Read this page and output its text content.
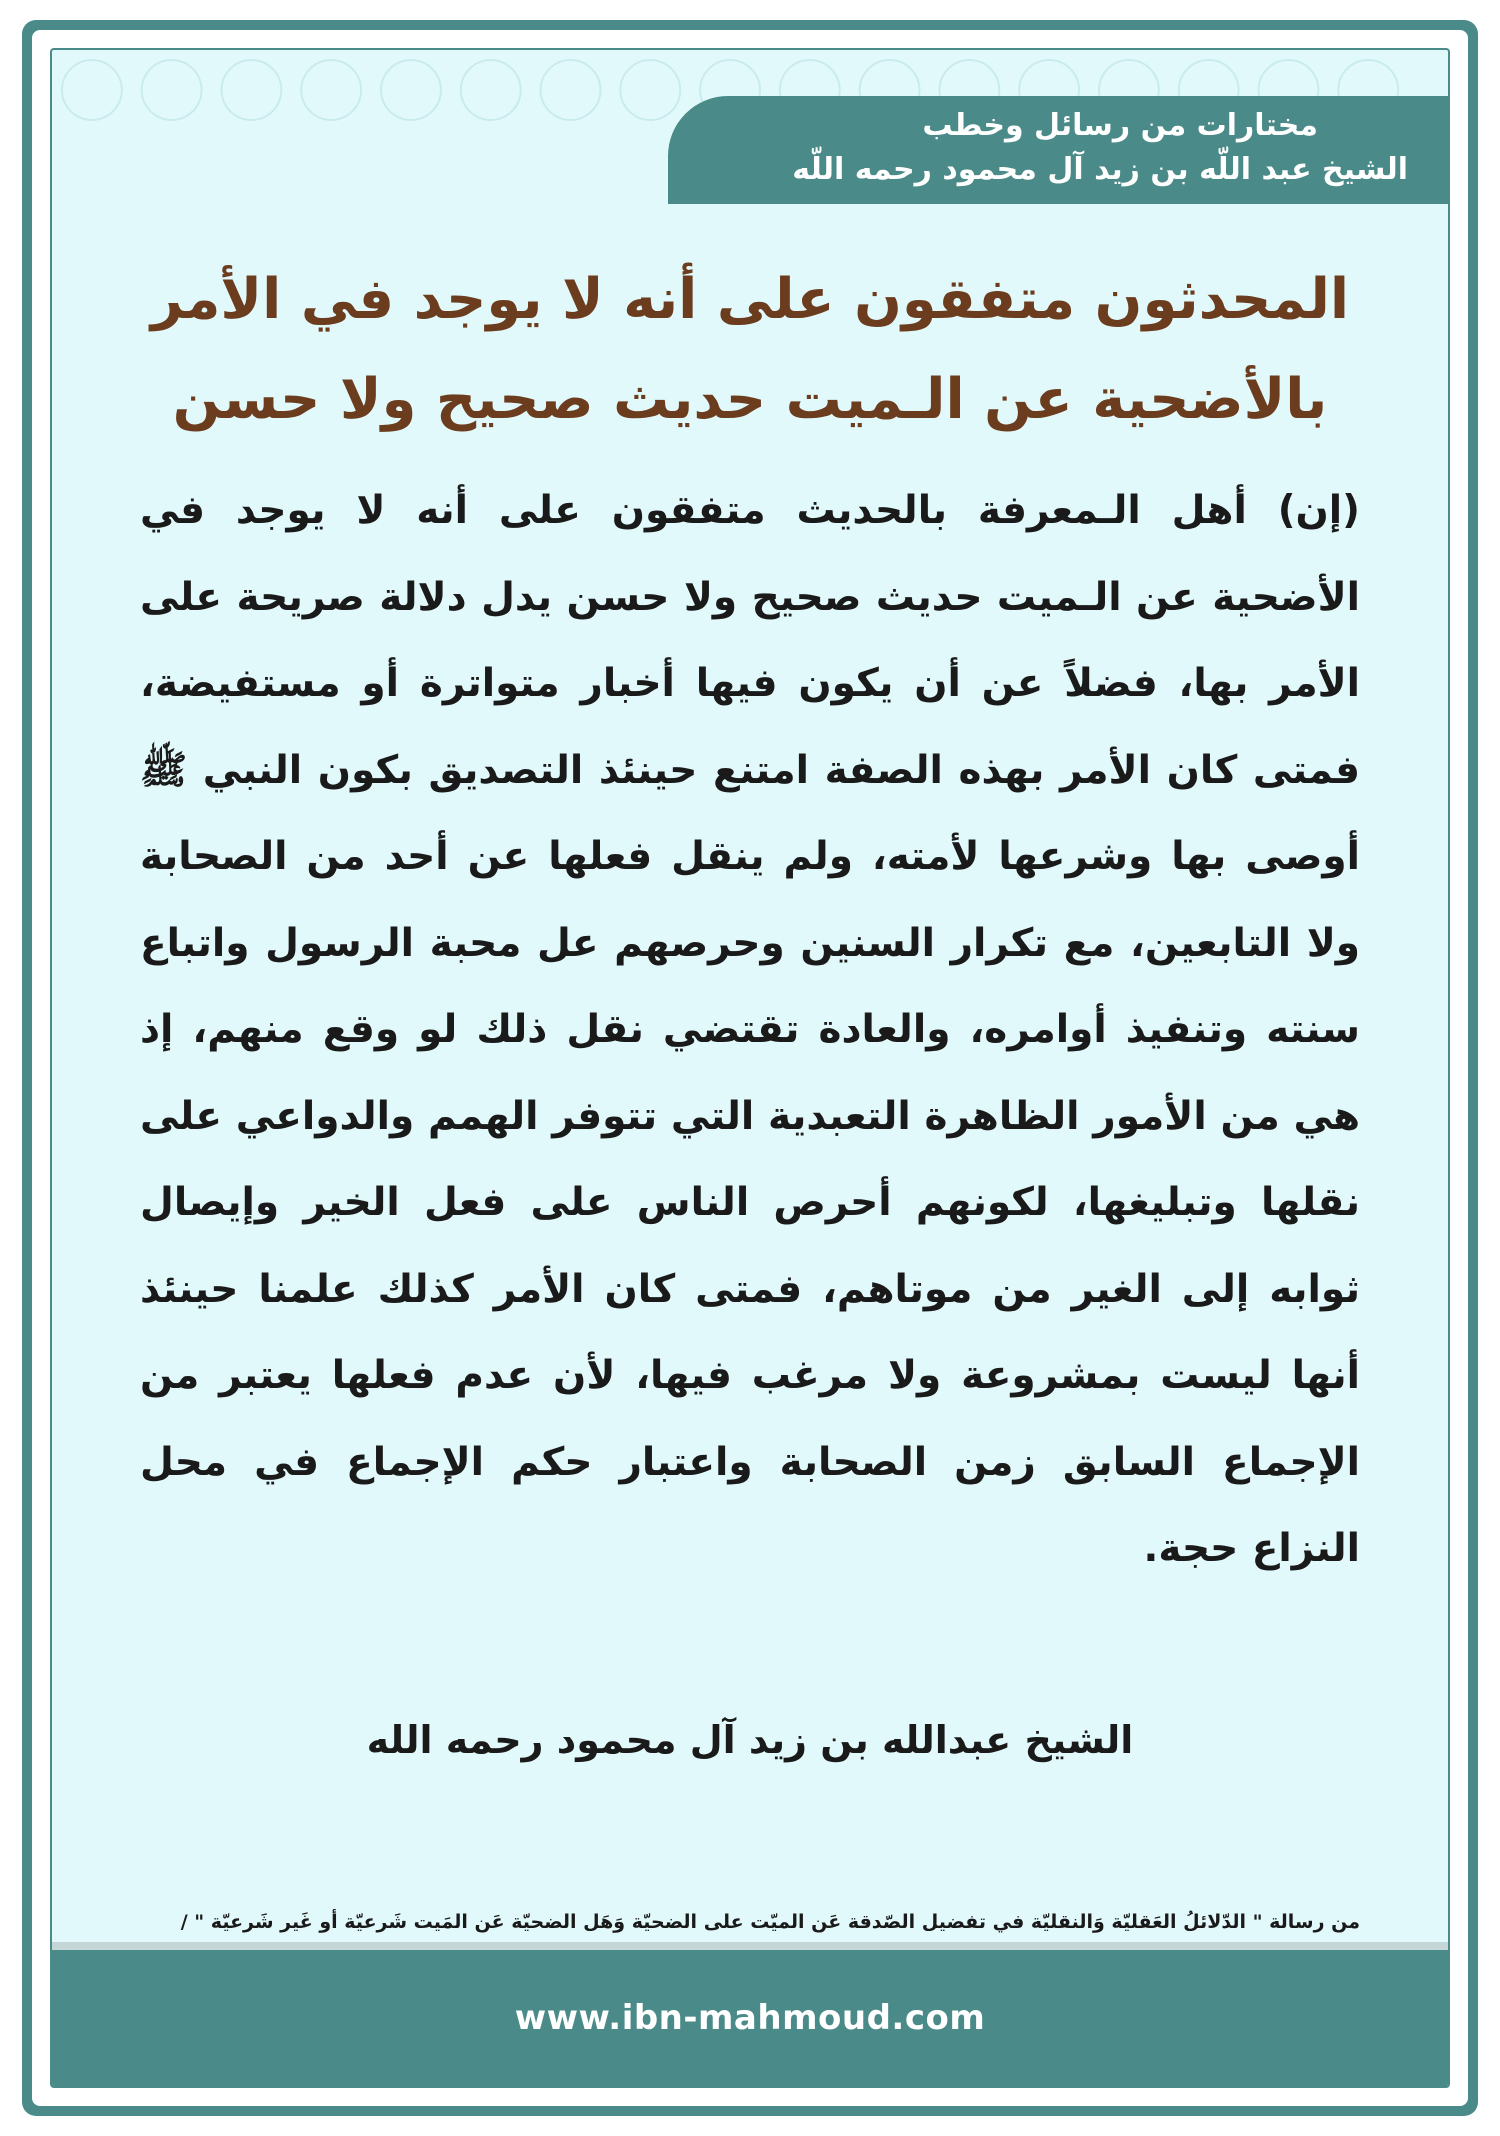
مختارات من رسائل وخطب
الشيخ عبد اللّه بن زيد آل محمود رحمه اللّه
المحدثون متفقون على أنه لا يوجد في الأمر
بالأضحية عن الـميت حديث صحيح ولا حسن
(إن) أهل الـمعرفة بالحديث متفقون على أنه لا يوجد في الأضحية عن الـميت حديث صحيح ولا حسن يدل دلالة صريحة على الأمر بها، فضلاً عن أن يكون فيها أخبار متواترة أو مستفيضة، فمتى كان الأمر بهذه الصفة امتنع حينئذ التصديق بكون النبي ﷺ أوصى بها وشرعها لأمته، ولم ينقل فعلها عن أحد من الصحابة ولا التابعين، مع تكرار السنين وحرصهم عل محبة الرسول واتباع سنته وتنفيذ أوامره، والعادة تقتضي نقل ذلك لو وقع منهم، إذ هي من الأمور الظاهرة التعبدية التي تتوفر الهمم والدواعي على نقلها وتبليغها، لكونهم أحرص الناس على فعل الخير وإيصال ثوابه إلى الغير من موتاهم، فمتى كان الأمر كذلك علمنا حينئذ أنها ليست بمشروعة ولا مرغب فيها، لأن عدم فعلها يعتبر من الإجماع السابق زمن الصحابة واعتبار حكم الإجماع في محل النزاع حجة.
الشيخ عبدالله بن زيد آل محمود رحمه الله
من رسالة " الدّلائلُ العَقليّة وَالنقليّة في تفضيل الصّدقة عَن الميّت على الضحيّة وَهَل الضحيّة عَن المَيت شَرعيّة أو غَير شَرعيّة " /
www.ibn-mahmoud.com
